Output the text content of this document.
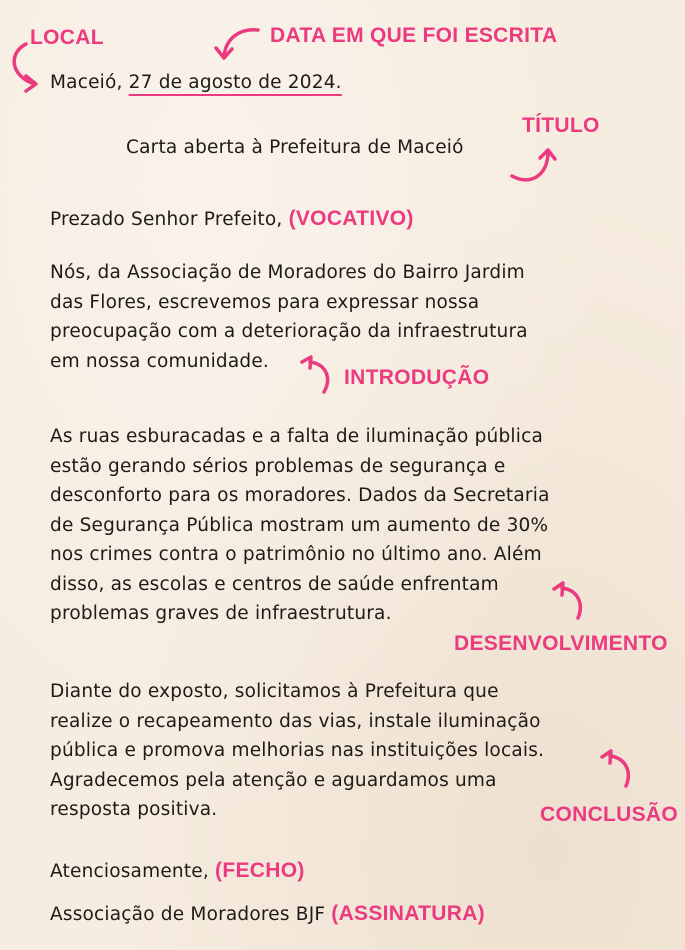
LOCAL	DATA EM QUE FOI ESCRITA
TÍTULO
INTRODUÇÃO
DESENVOLVIMENTO
CONCLUSÃO
Maceió, 27 de agosto de 2024.
Carta aberta à Prefeitura de Maceió
Prezado Senhor Prefeito, (VOCATIVO)
Nós, da Associação de Moradores do Bairro Jardim
das Flores, escrevemos para expressar nossa
preocupação com a deterioração da infraestrutura
em nossa comunidade.
As ruas esburacadas e a falta de iluminação pública
estão gerando sérios problemas de segurança e
desconforto para os moradores. Dados da Secretaria
de Segurança Pública mostram um aumento de 30%
nos crimes contra o patrimônio no último ano. Além
disso, as escolas e centros de saúde enfrentam
problemas graves de infraestrutura.
Diante do exposto, solicitamos à Prefeitura que
realize o recapeamento das vias, instale iluminação
pública e promova melhorias nas instituições locais.
Agradecemos pela atenção e aguardamos uma
resposta positiva.
Atenciosamente, (FECHO)
Associação de Moradores BJF (ASSINATURA)
